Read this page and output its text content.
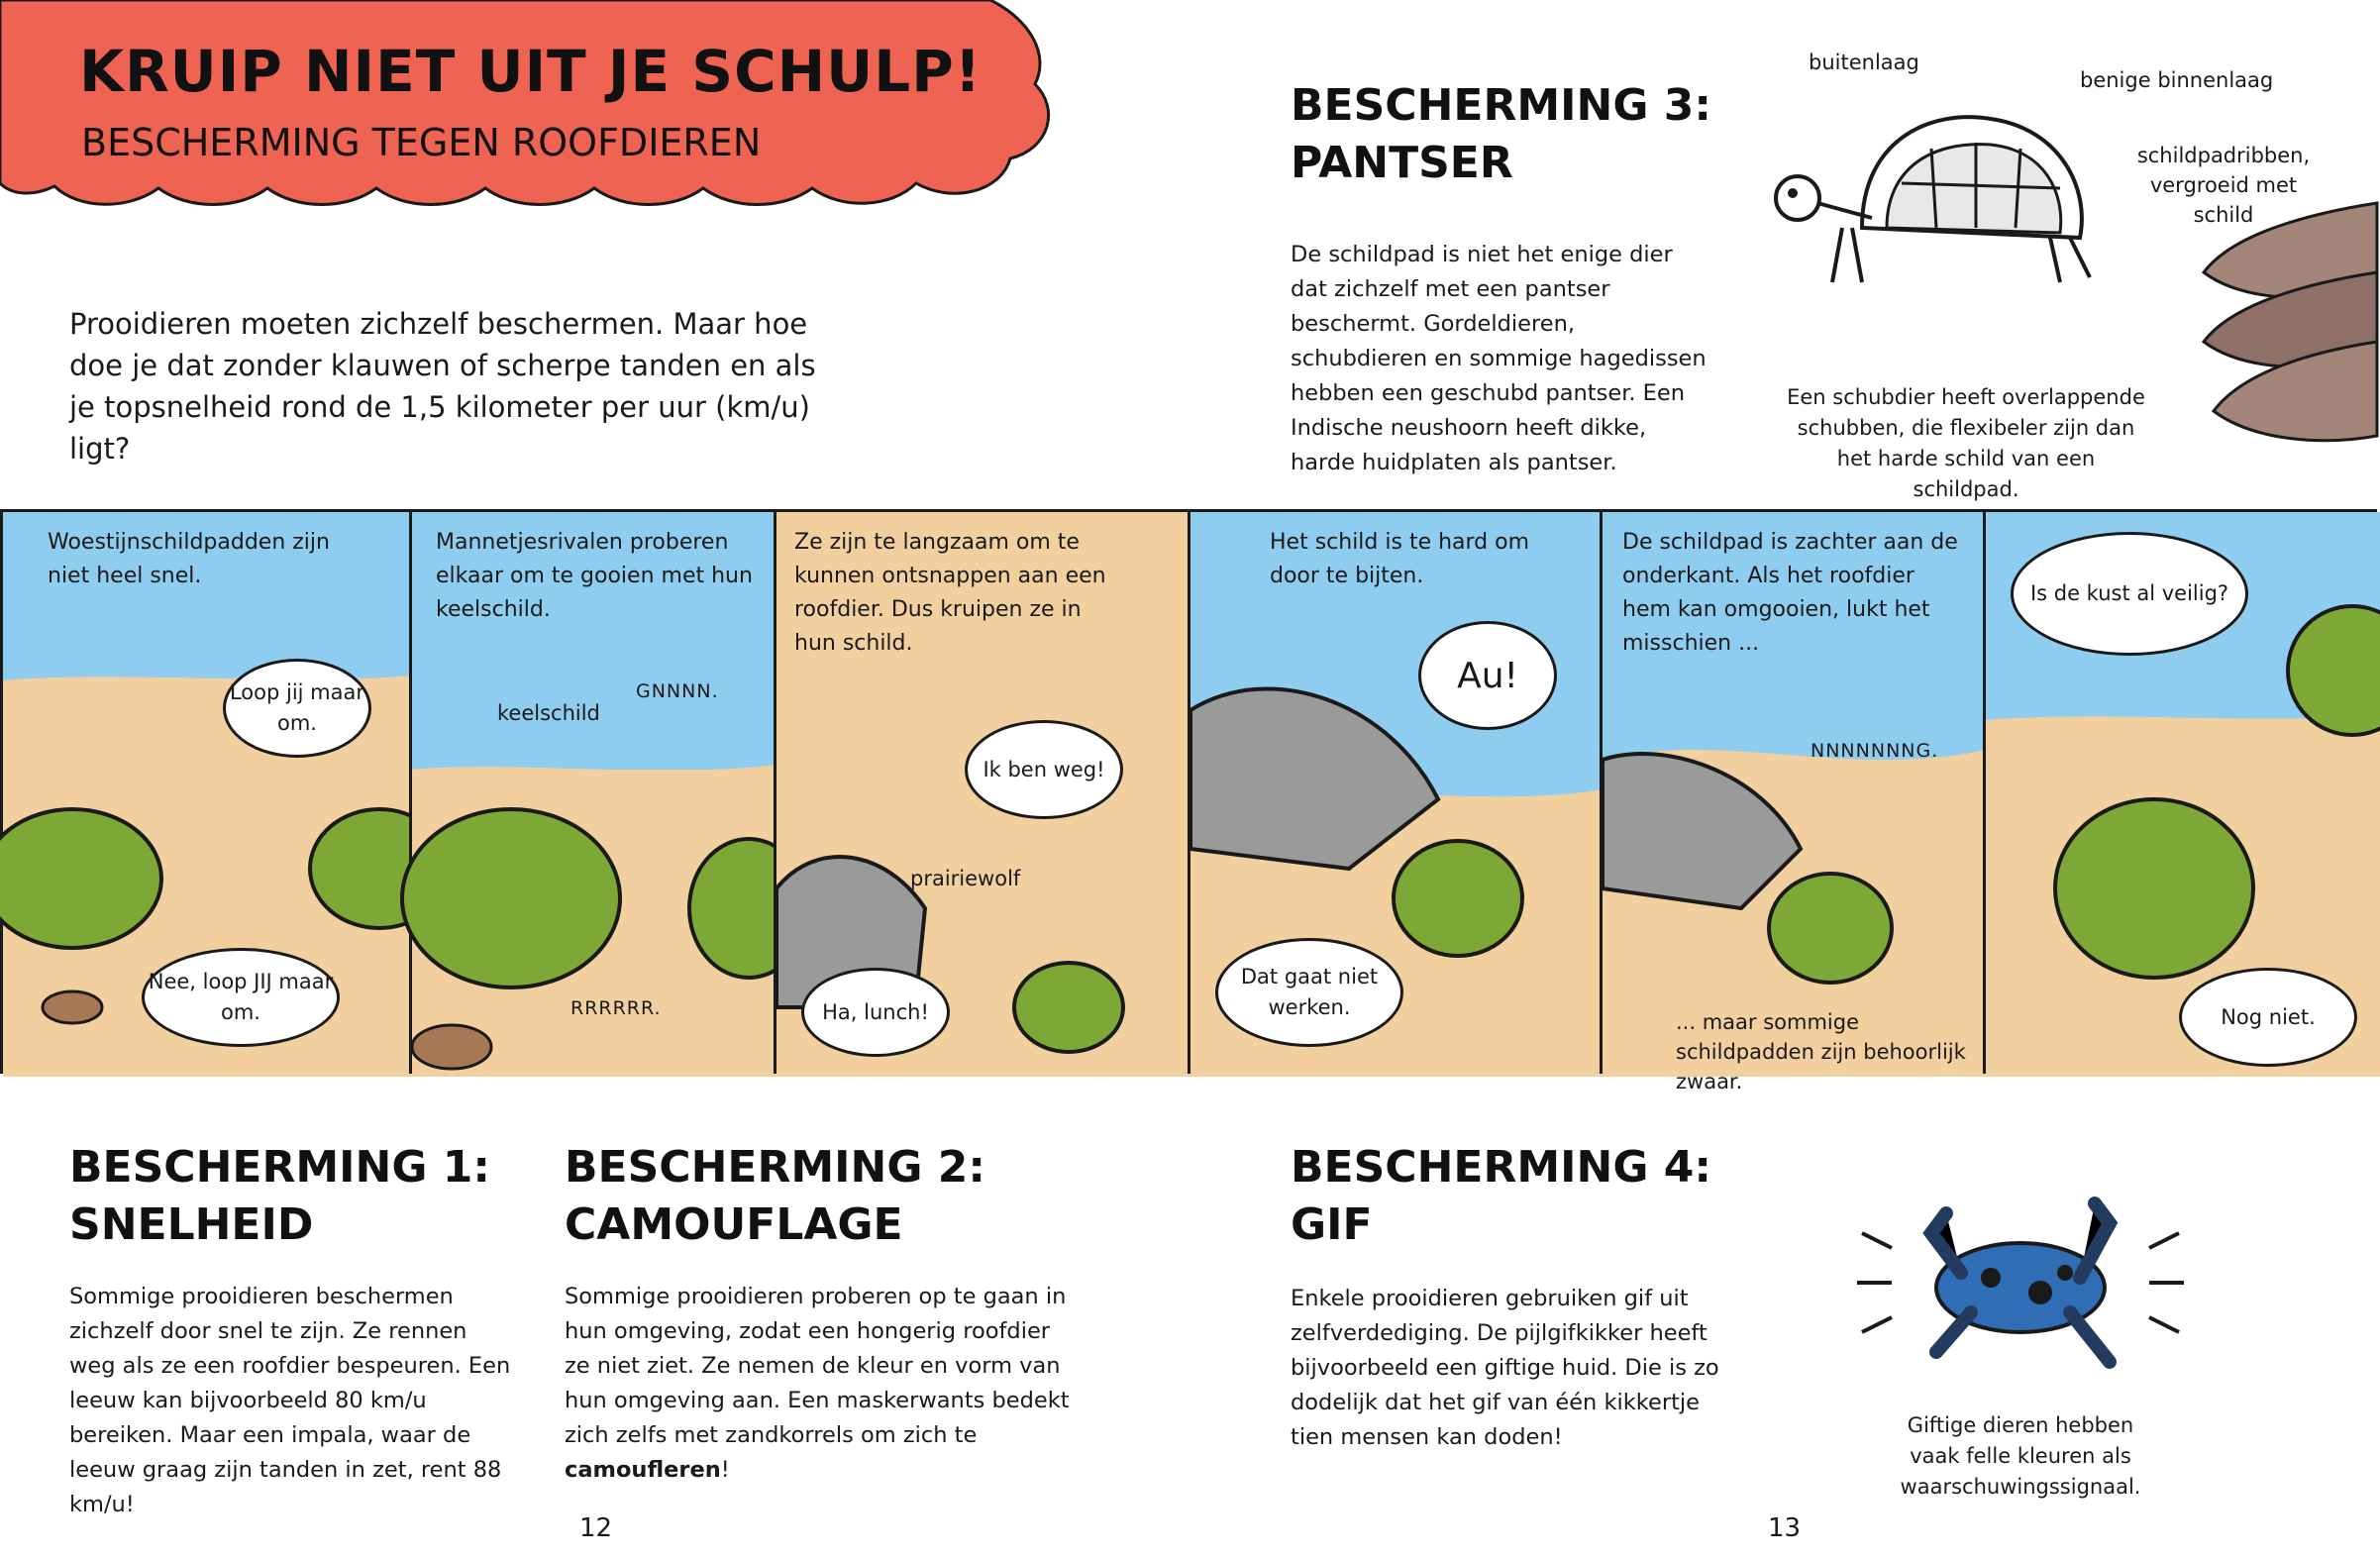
KRUIP NIET UIT JE SCHULP!
BESCHERMING TEGEN ROOFDIEREN
Prooidieren moeten zichzelf beschermen. Maar hoe doe je dat zonder klauwen of scherpe tanden en als je topsnelheid rond de 1,5 kilometer per uur (km/u) ligt?
BESCHERMING 3:
PANTSER
De schildpad is niet het enige dier dat zichzelf met een pantser beschermt. Gordeldieren, schubdieren en sommige hagedissen hebben een geschubd pantser. Een Indische neushoorn heeft dikke, harde huidplaten als pantser.
buitenlaag
benige binnenlaag
schildpadribben, vergroeid met schild
Een schubdier heeft overlappende schubben, die flexibeler zijn dan het harde schild van een schildpad.
Woestijnschildpadden zijn niet heel snel.
Loop jij maar om.
Nee, loop JIJ maar om.
Mannetjesrivalen proberen elkaar om te gooien met hun keelschild.
keelschild
GNNNN.
RRRRRR.
Ze zijn te langzaam om te kunnen ontsnappen aan een roofdier. Dus kruipen ze in hun schild.
prairiewolf
Ik ben weg!
Ha, lunch!
Het schild is te hard om door te bijten.
Au!
Dat gaat niet werken.
De schildpad is zachter aan de onderkant. Als het roofdier hem kan omgooien, lukt het misschien ...
NNNNNNNG.
... maar sommige schildpadden zijn behoorlijk zwaar.
Is de kust al veilig?
Nog niet.
BESCHERMING 1:
SNELHEID
Sommige prooidieren beschermen zichzelf door snel te zijn. Ze rennen weg als ze een roofdier bespeuren. Een leeuw kan bijvoorbeeld 80 km/u bereiken. Maar een impala, waar de leeuw graag zijn tanden in zet, rent 88 km/u!
BESCHERMING 2:
CAMOUFLAGE
Sommige prooidieren proberen op te gaan in hun omgeving, zodat een hongerig roofdier ze niet ziet. Ze nemen de kleur en vorm van hun omgeving aan. Een maskerwants bedekt zich zelfs met zandkorrels om zich te camoufleren!
BESCHERMING 4:
GIF
Enkele prooidieren gebruiken gif uit zelfverdediging. De pijlgifkikker heeft bijvoorbeeld een giftige huid. Die is zo dodelijk dat het gif van één kikkertje tien mensen kan doden!	Giftige dieren hebben vaak felle kleuren als waarschuwingssignaal.
12	13
